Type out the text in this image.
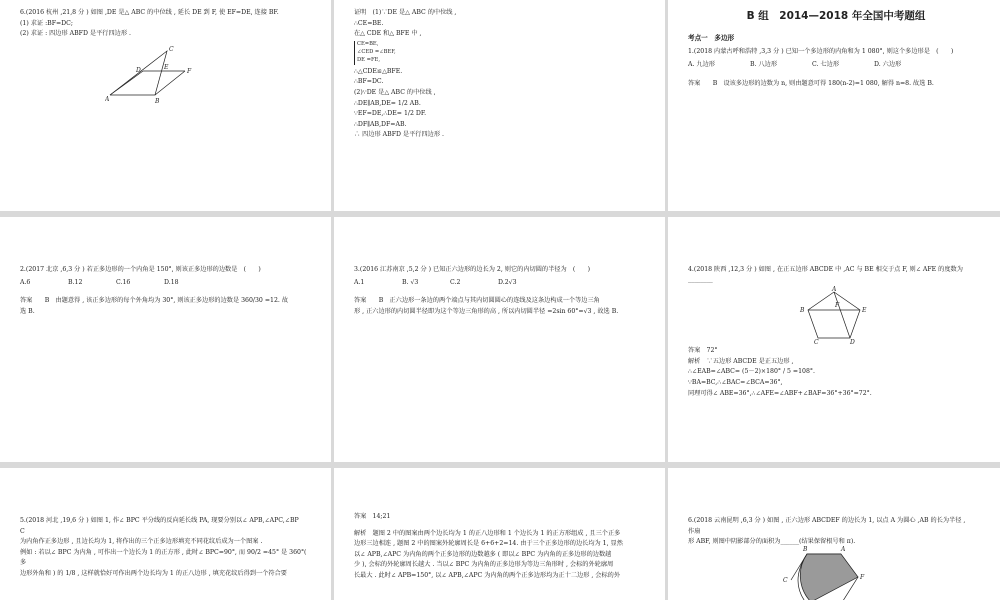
6.(2016 杭州 ,21,8 分 ) 如图 ,DE 是△ ABC 的中位线 , 延长 DE 到 F, 使 EF=DE, 连接 BF.

(1) 求证 :BF=DC;

(2) 求证 : 四边形 ABFD 是平行四边形 .

C
D	E
F
A	B

证明　(1)∵DE 是△ ABC 的中位线 ,

∴CE=BE.

在△ CDE 和△ BFE 中 ,

CE=BE,

∠CED =∠BEF,

DE =FE,

∴△CDE≌△BFE.

∴BF=DC.

(2)∵DE 是△ ABC 的中位线 ,

∴DE∥AB,DE= 1/2 AB.

∵EF=DE,∴DE= 1/2 DF.

∴DF∥AB,DF=AB.

∴ 四边形 ABFD 是平行四边形 .

B 组　2014—2018 年全国中考题组

考点一　多边形

1.(2018 内蒙古呼和浩特 ,3,3 分 ) 已知一个多边形的内角和为 1 080°, 则这个多边形是　(　　)

A. 九边形	B. 八边形	C. 七边形	D. 六边形

答案　　B　设该多边形的边数为 n, 则由题意可得 180(n-2)=1 080, 解得 n=8. 故选 B.

2.(2017 北京 ,6,3 分 ) 若正多边形的一个内角是 150°, 则该正多边形的边数是　(　　)

A.6	B.12	C.16	D.18

答案　　B　由题意得 , 该正多边形的每个外角均为 30°, 则该正多边形的边数是 360/30 =12. 故

选 B.

3.(2016 江苏南京 ,5,2 分 ) 已知正六边形的边长为 2, 则它的内切圆的半径为　(　　)

A.1	B. √3	C.2	D.2√3

答案　　B　正六边形一条边的两个端点与其内切圆圆心的连线及这条边构成一个等边三角

形 , 正六边形的内切圆半径即为这个等边三角形的高 , 所以内切圆半径 =2sin 60°=√3 , 故选 B.

4.(2018 陕西 ,12,3 分 ) 如图 , 在正五边形 ABCDE 中 ,AC 与 BE 相交于点 F, 则∠ AFE 的度数为________

A
B	E
F
C	D

答案　72°

解析　∵五边形 ABCDE 是正五边形 ,

∴∠EAB=∠ABC= (5－2)×180° / 5 =108°.

∵BA=BC,∴∠BAC=∠BCA=36°,

同理可得∠ ABE=36°,∴∠AFE=∠ABF+∠BAF=36°+36°=72°.

5.(2018 河北 ,19,6 分 ) 如图 1, 作∠ BPC 平分线的反向延长线 PA, 现要分别以∠ APB,∠APC,∠BP

C

为内角作正多边形 , 且边长均为 1, 将作出的三个正多边形填充不同花纹后成为一个图案 .

例如 : 若以∠ BPC 为内角 , 可作出一个边长为 1 的正方形 , 此时∠ BPC=90°, 而 90/2 =45° 是 360°(

多

边形外角和 ) 的 1/8 , 这样就恰好可作出两个边长均为 1 的正八边形 , 填充花纹后得到一个符合要

答案　14;21

解析　题图 2 中的图案由两个边长均为 1 的正八边形和 1 个边长为 1 的正方形组成 , 且三个正多

边形三边相连 , 题图 2 中的图案外轮廓周长是 6+6+2=14. 由于三个正多边形的边长均为 1, 显然

以∠ APB,∠APC 为内角的两个正多边形的边数越多 ( 即以∠ BPC 为内角的正多边形的边数越

少 ), 会标的外轮廓周长越大 . 当以∠ BPC 为内角的正多边形为等边三角形时 , 会标的外轮廓周

长最大 . 此时∠ APB=150°, 以∠ APB,∠APC 为内角的两个正多边形均为正十二边形 , 会标的外

6.(2018 云南昆明 ,6,3 分 ) 如图 , 正六边形 ABCDEF 的边长为 1, 以点 A 为圆心 ,AB 的长为半径 ,

作扇

形 ABF, 则图中阴影部分的面积为______(结果保留根号和 π).

B	A
C	F
